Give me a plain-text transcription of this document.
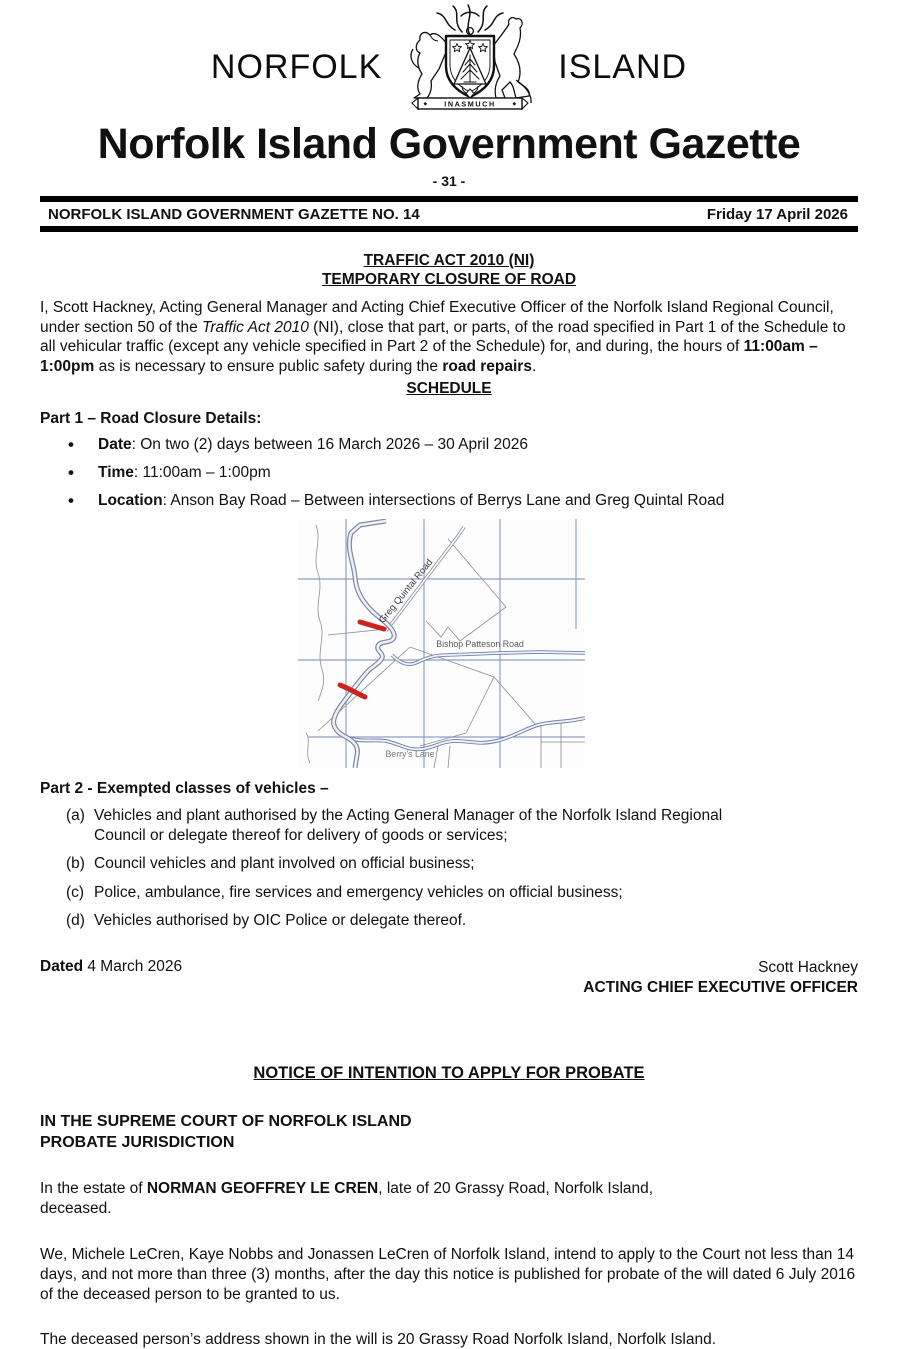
NORFOLK
INASMUCH
ISLAND
Norfolk Island Government Gazette
- 31 -
NORFOLK ISLAND GOVERNMENT GAZETTE NO. 14	Friday 17 April 2026
TRAFFIC ACT 2010 (NI)
TEMPORARY CLOSURE OF ROAD

I, Scott Hackney, Acting General Manager and Acting Chief Executive Officer of the Norfolk Island Regional Council, under section 50 of the Traffic Act 2010 (NI), close that part, or parts, of the road specified in Part 1 of the Schedule to all vehicular traffic (except any vehicle specified in Part 2 of the Schedule) for, and during, the hours of 11:00am – 1:00pm as is necessary to ensure public safety during the road repairs.

SCHEDULE
Part 1 – Road Closure Details:
• Date: On two (2) days between 16 March 2026 – 30 April 2026
• Time: 11:00am – 1:00pm
• Location: Anson Bay Road – Between intersections of Berrys Lane and Greg Quintal Road
Greg Quintal Road
Bishop Patteson Road
Berry's Lane
Part 2 - Exempted classes of vehicles –
(a) Vehicles and plant authorised by the Acting General Manager of the Norfolk Island Regional Council or delegate thereof for delivery of goods or services;
(b) Council vehicles and plant involved on official business;
(c) Police, ambulance, fire services and emergency vehicles on official business;
(d) Vehicles authorised by OIC Police or delegate thereof.
Dated 4 March 2026	Scott Hackney
ACTING CHIEF EXECUTIVE OFFICER
NOTICE OF INTENTION TO APPLY FOR PROBATE
IN THE SUPREME COURT OF NORFOLK ISLAND
PROBATE JURISDICTION

In the estate of NORMAN GEOFFREY LE CREN, late of 20 Grassy Road, Norfolk Island,
deceased.

We, Michele LeCren, Kaye Nobbs and Jonassen LeCren of Norfolk Island, intend to apply to the Court not less than 14 days, and not more than three (3) months, after the day this notice is published for probate of the will dated 6 July 2016 of the deceased person to be granted to us.

The deceased person’s address shown in the will is 20 Grassy Road Norfolk Island, Norfolk Island.
